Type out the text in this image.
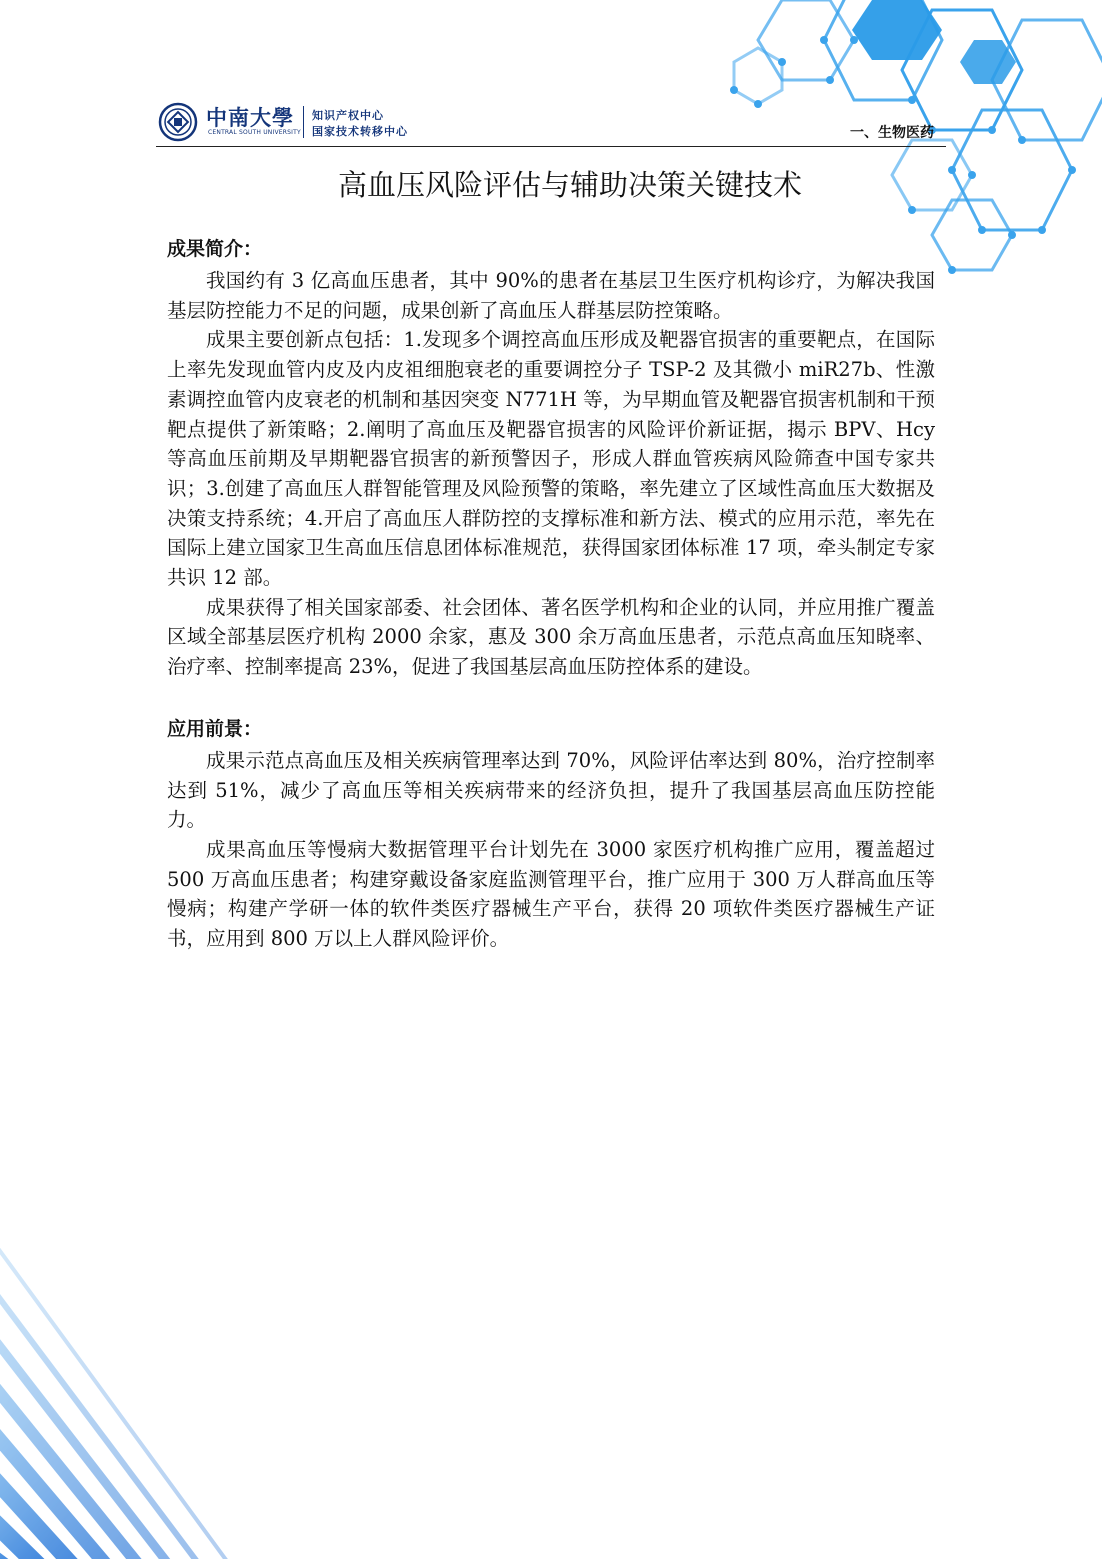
中南大學
CENTRAL SOUTH UNIVERSITY
知识产权中心
国家技术转移中心	一、生物医药
高血压风险评估与辅助决策关键技术
成果简介：

我国约有 3 亿高血压患者，其中 90%的患者在基层卫生医疗机构诊疗，为解决我国基层防控能力不足的问题，成果创新了高血压人群基层防控策略。

成果主要创新点包括：1.发现多个调控高血压形成及靶器官损害的重要靶点，在国际上率先发现血管内皮及内皮祖细胞衰老的重要调控分子 TSP-2 及其微小 miR27b、性激素调控血管内皮衰老的机制和基因突变 N771H 等，为早期血管及靶器官损害机制和干预靶点提供了新策略；2.阐明了高血压及靶器官损害的风险评价新证据，揭示 BPV、Hcy 等高血压前期及早期靶器官损害的新预警因子，形成人群血管疾病风险筛查中国专家共识；3.创建了高血压人群智能管理及风险预警的策略，率先建立了区域性高血压大数据及决策支持系统；4.开启了高血压人群防控的支撑标准和新方法、模式的应用示范，率先在国际上建立国家卫生高血压信息团体标准规范，获得国家团体标准 17 项，牵头制定专家共识 12 部。

成果获得了相关国家部委、社会团体、著名医学机构和企业的认同，并应用推广覆盖区域全部基层医疗机构 2000 余家，惠及 300 余万高血压患者，示范点高血压知晓率、治疗率、控制率提高 23%，促进了我国基层高血压防控体系的建设。

应用前景：

成果示范点高血压及相关疾病管理率达到 70%，风险评估率达到 80%，治疗控制率达到 51%，减少了高血压等相关疾病带来的经济负担，提升了我国基层高血压防控能力。

成果高血压等慢病大数据管理平台计划先在 3000 家医疗机构推广应用，覆盖超过 500 万高血压患者；构建穿戴设备家庭监测管理平台，推广应用于 300 万人群高血压等慢病；构建产学研一体的软件类医疗器械生产平台，获得 20 项软件类医疗器械生产证书，应用到 800 万以上人群风险评价。
